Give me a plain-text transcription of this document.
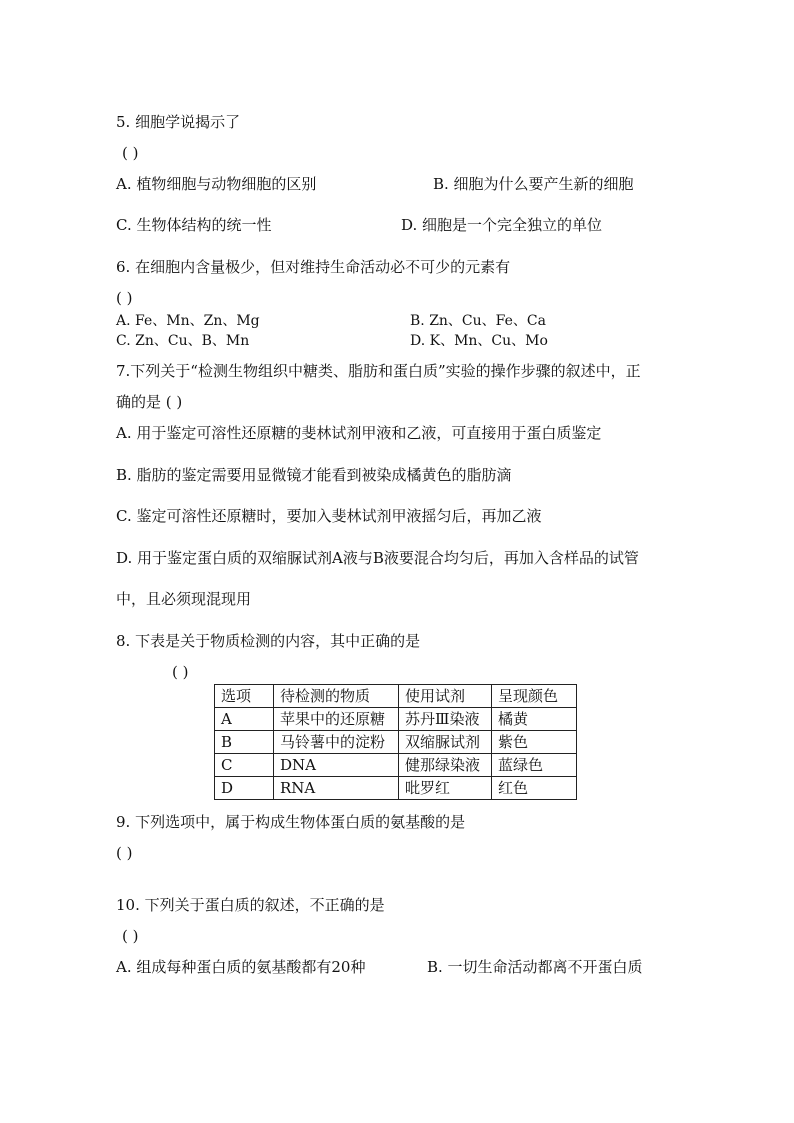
5. 细胞学说揭示了
( )
A. 植物细胞与动物细胞的区别	B. 细胞为什么要产生新的细胞
C. 生物体结构的统一性	D. 细胞是一个完全独立的单位
6. 在细胞内含量极少，但对维持生命活动必不可少的元素有
( )
A. Fe、Mn、Zn、Mg	B. Zn、Cu、Fe、Ca
C. Zn、Cu、B、Mn	D. K、Mn、Cu、Mo
7.下列关于“检测生物组织中糖类、脂肪和蛋白质”实验的操作步骤的叙述中，正
确的是 ( )
A. 用于鉴定可溶性还原糖的斐林试剂甲液和乙液，可直接用于蛋白质鉴定
B. 脂肪的鉴定需要用显微镜才能看到被染成橘黄色的脂肪滴
C. 鉴定可溶性还原糖时，要加入斐林试剂甲液摇匀后，再加乙液
D. 用于鉴定蛋白质的双缩脲试剂A液与B液要混合均匀后，再加入含样品的试管
中，且必须现混现用
8. 下表是关于物质检测的内容，其中正确的是
( )
选项	待检测的物质	使用试剂	呈现颜色
A	苹果中的还原糖	苏丹Ⅲ染液	橘黄
B	马铃薯中的淀粉	双缩脲试剂	紫色
C	DNA	健那绿染液	蓝绿色
D	RNA	吡罗红	红色
9. 下列选项中，属于构成生物体蛋白质的氨基酸的是
( )
10. 下列关于蛋白质的叙述，不正确的是
( )
A. 组成每种蛋白质的氨基酸都有20种	B. 一切生命活动都离不开蛋白质
